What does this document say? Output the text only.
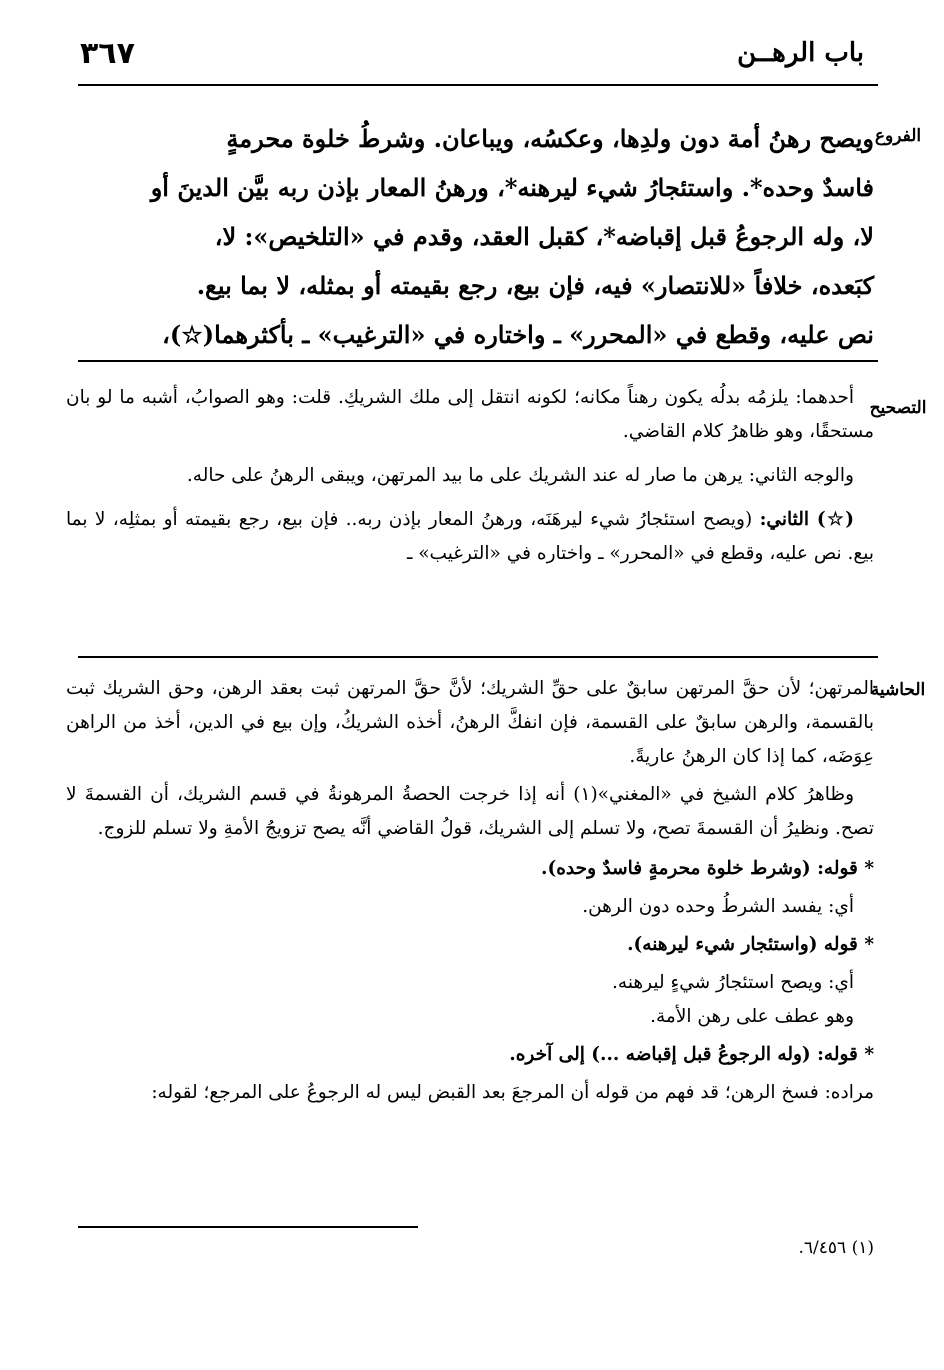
باب الرهــن
٣٦٧
الفروع

ويصح رهنُ أمة دون ولدِها، وعكسُه، ويباعان. وشرطُ خلوة محرمةٍ

فاسدٌ وحده*. واستئجارُ شيء ليرهنه*، ورهنُ المعار بإذن ربه بيَّن الدينَ أو

لا، وله الرجوعُ قبل إقباضه*، كقبل العقد، وقدم في «التلخيص»: لا،

كبَعده، خلافاً «للانتصار» فيه، فإن بيع، رجع بقيمته أو بمثله، لا بما بيع.

نص عليه، وقطع في «المحرر» ـ واختاره في «الترغيب» ـ بأكثرهما(☆)،

التصحيح

أحدهما: يلزمُه بدلُه يكون رهناً مكانه؛ لكونه انتقل إلى ملك الشريكِ. قلت: وهو الصوابُ، أشبه ما لو بان مستحقًا، وهو ظاهرُ كلام القاضي.

والوجه الثاني: يرهن ما صار له عند الشريك على ما بيد المرتهن، ويبقى الرهنُ على حاله.

(☆) الثاني: (ويصح استئجارُ شيء ليرهَنَه، ورهنُ المعار بإذن ربه.. فإن بيع، رجع بقيمته أو بمثلِه، لا بما بيع. نص عليه، وقطع في «المحرر» ـ واختاره في «الترغيب» ـ

الحاشية

المرتهن؛ لأن حقَّ المرتهن سابقٌ على حقِّ الشريك؛ لأنَّ حقَّ المرتهن ثبت بعقد الرهن، وحق الشريك ثبت بالقسمة، والرهن سابقٌ على القسمة، فإن انفكَّ الرهنُ، أخذه الشريكُ، وإن بيع في الدين، أخذ من الراهن عِوَضَه، كما إذا كان الرهنُ عاريةً.

وظاهرُ كلام الشيخ في «المغني»(١) أنه إذا خرجت الحصةُ المرهونةُ في قسم الشريك، أن القسمةَ لا تصح. ونظيرُ أن القسمةَ تصح، ولا تسلم إلى الشريك، قولُ القاضي أنَّه يصح تزويجُ الأمةِ ولا تسلم للزوج.

* قوله: (وشرط خلوة محرمةٍ فاسدٌ وحده).

أي: يفسد الشرطُ وحده دون الرهن.

* قوله (واستئجار شيء ليرهنه).

أي: ويصح استئجارُ شيءٍ ليرهنه.

وهو عطف على رهن الأمة.

* قوله: (وله الرجوعُ قبل إقباضه ...) إلى آخره.

مراده: فسخ الرهن؛ قد فهم من قوله أن المرجعَ بعد القبض ليس له الرجوعُ على المرجع؛ لقوله:

(١) ٦/٤٥٦.
